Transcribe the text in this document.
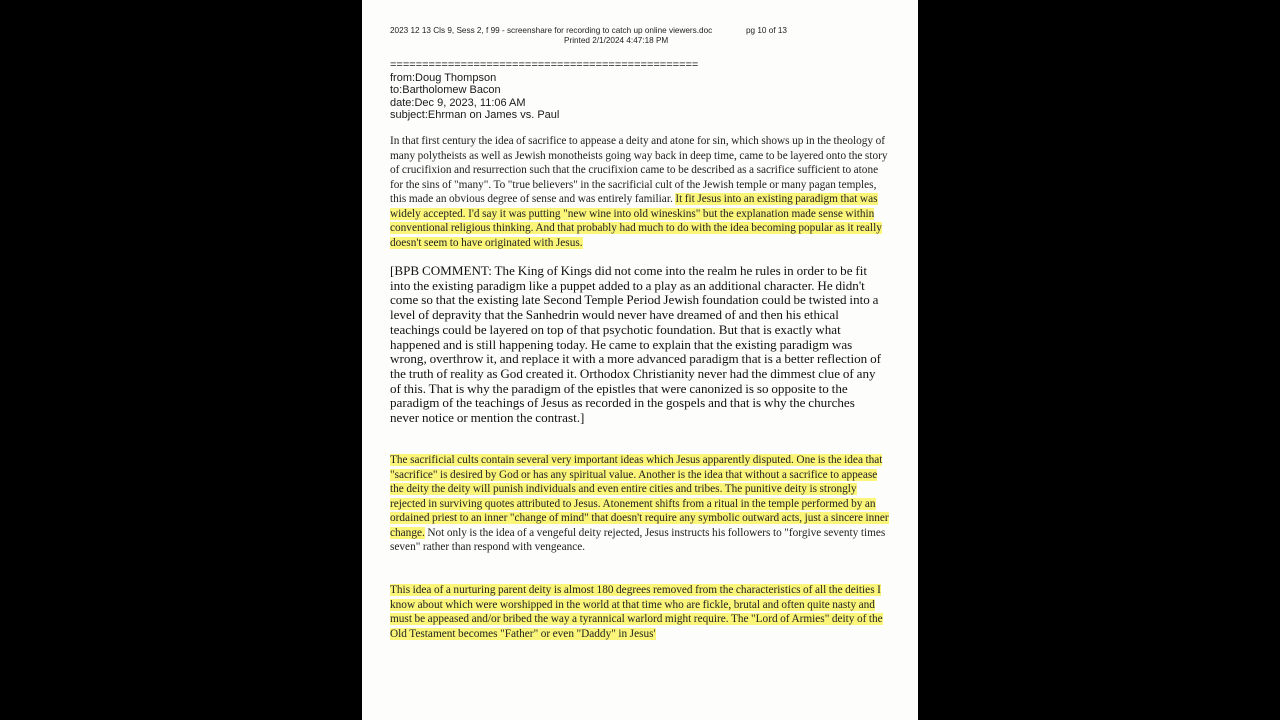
2023 12 13 Cls 9, Sess 2, f 99 - screenshare for recording to catch up online viewers.doc	pg 10 of 13
Printed 2/1/2024 4:47:18 PM
================================================
from:Doug Thompson
to:Bartholomew Bacon
date:Dec 9, 2023, 11:06 AM
subject:Ehrman on James vs. Paul
In that first century the idea of sacrifice to appease a deity and atone for sin, which shows up in the theology of many polytheists as well as Jewish monotheists going way back in deep time, came to be layered onto the story of crucifixion and resurrection such that the crucifixion came to be described as a sacrifice sufficient to atone for the sins of "many". To "true believers" in the sacrificial cult of the Jewish temple or many pagan temples, this made an obvious degree of sense and was entirely familiar. It fit Jesus into an existing paradigm that was widely accepted. I'd say it was putting "new wine into old wineskins" but the explanation made sense within conventional religious thinking. And that probably had much to do with the idea becoming popular as it really doesn't seem to have originated with Jesus.
[BPB COMMENT: The King of Kings did not come into the realm he rules in order to be fit into the existing paradigm like a puppet added to a play as an additional character. He didn't come so that the existing late Second Temple Period Jewish foundation could be twisted into a level of depravity that the Sanhedrin would never have dreamed of and then his ethical teachings could be layered on top of that psychotic foundation. But that is exactly what happened and is still happening today. He came to explain that the existing paradigm was wrong, overthrow it, and replace it with a more advanced paradigm that is a better reflection of the truth of reality as God created it. Orthodox Christianity never had the dimmest clue of any of this. That is why the paradigm of the epistles that were canonized is so opposite to the paradigm of the teachings of Jesus as recorded in the gospels and that is why the churches never notice or mention the contrast.]
The sacrificial cults contain several very important ideas which Jesus apparently disputed. One is the idea that "sacrifice" is desired by God or has any spiritual value. Another is the idea that without a sacrifice to appease the deity the deity will punish individuals and even entire cities and tribes. The punitive deity is strongly rejected in surviving quotes attributed to Jesus. Atonement shifts from a ritual in the temple performed by an ordained priest to an inner "change of mind" that doesn't require any symbolic outward acts, just a sincere inner change. Not only is the idea of a vengeful deity rejected, Jesus instructs his followers to "forgive seventy times seven" rather than respond with vengeance.
This idea of a nurturing parent deity is almost 180 degrees removed from the characteristics of all the deities I know about which were worshipped in the world at that time who are fickle, brutal and often quite nasty and must be appeased and/or bribed the way a tyrannical warlord might require. The "Lord of Armies" deity of the Old Testament becomes "Father" or even "Daddy" in Jesus'
